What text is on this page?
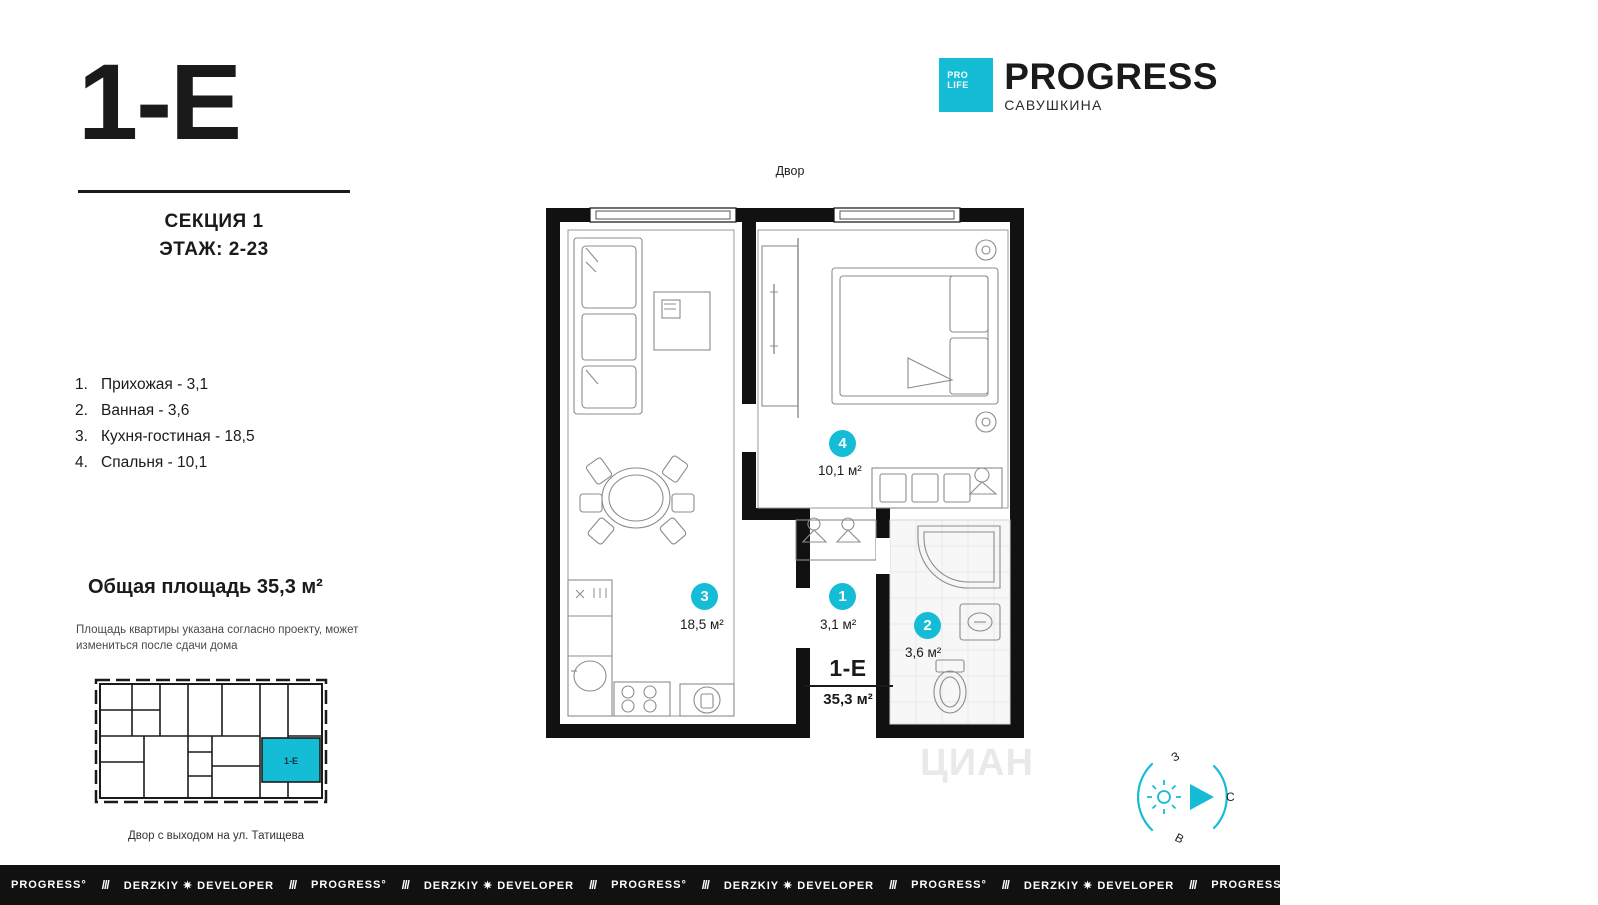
1-Е
СЕКЦИЯ 1
ЭТАЖ: 2-23
1. Прихожая - 3,1
2. Ванная - 3,6
3. Кухня-гостиная - 18,5
4. Спальня - 10,1
Общая площадь 35,3 м²
Площадь квартиры указана согласно проекту, может измениться после сдачи дома
1-Е
Двор с выходом на ул. Татищева
PRO
LIFE PROGRESS
САВУШКИНА
Двор
4
10,1 м²
3
18,5 м²
1
3,1 м²	2
3,6 м²
1-Е
35,3 м²
ЦИАН	З
С
В
PROGRESS°	///	DERZKIY ✷ DEVELOPER	///	PROGRESS°	///	DERZKIY ✷ DEVELOPER	///	PROGRESS°	///	DERZKIY ✷ DEVELOPER	///	PROGRESS°	///	DERZKIY ✷ DEVELOPER	///	PROGRESS°	///	DERZKIY ✷ DEVELOPER	///	PROGRESS°
